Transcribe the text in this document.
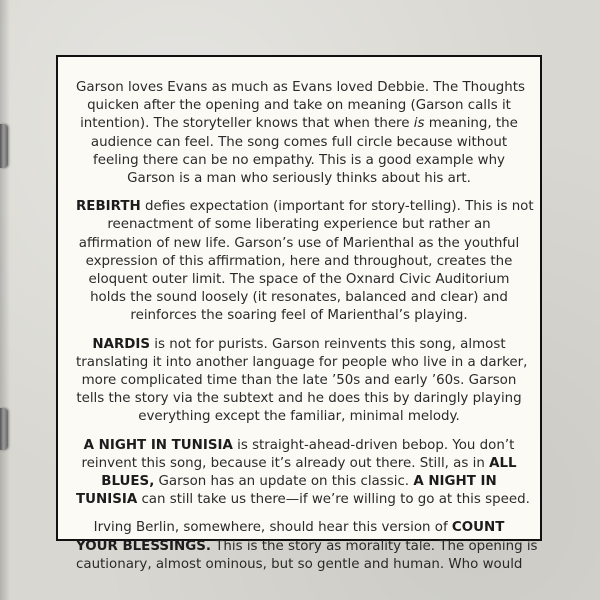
Garson loves Evans as much as Evans loved Debbie. The Thoughts
quicken after the opening and take on meaning (Garson calls it
intention). The storyteller knows that when there is meaning, the
audience can feel. The song comes full circle because without
feeling there can be no empathy. This is a good example why
Garson is a man who seriously thinks about his art.

REBIRTH defies expectation (important for story-telling). This is not
reenactment of some liberating experience but rather an
affirmation of new life. Garson’s use of Marienthal as the youthful
expression of this affirmation, here and throughout, creates the
eloquent outer limit. The space of the Oxnard Civic Auditorium
holds the sound loosely (it resonates, balanced and clear) and
reinforces the soaring feel of Marienthal’s playing.

NARDIS is not for purists. Garson reinvents this song, almost
translating it into another language for people who live in a darker,
more complicated time than the late ’50s and early ’60s. Garson
tells the story via the subtext and he does this by daringly playing
everything except the familiar, minimal melody.

A NIGHT IN TUNISIA is straight-ahead-driven bebop. You don’t
reinvent this song, because it’s already out there. Still, as in ALL
BLUES, Garson has an update on this classic. A NIGHT IN
TUNISIA can still take us there—if we’re willing to go at this speed.

Irving Berlin, somewhere, should hear this version of COUNT
YOUR BLESSINGS. This is the story as morality tale. The opening is
cautionary, almost ominous, but so gentle and human. Who would
